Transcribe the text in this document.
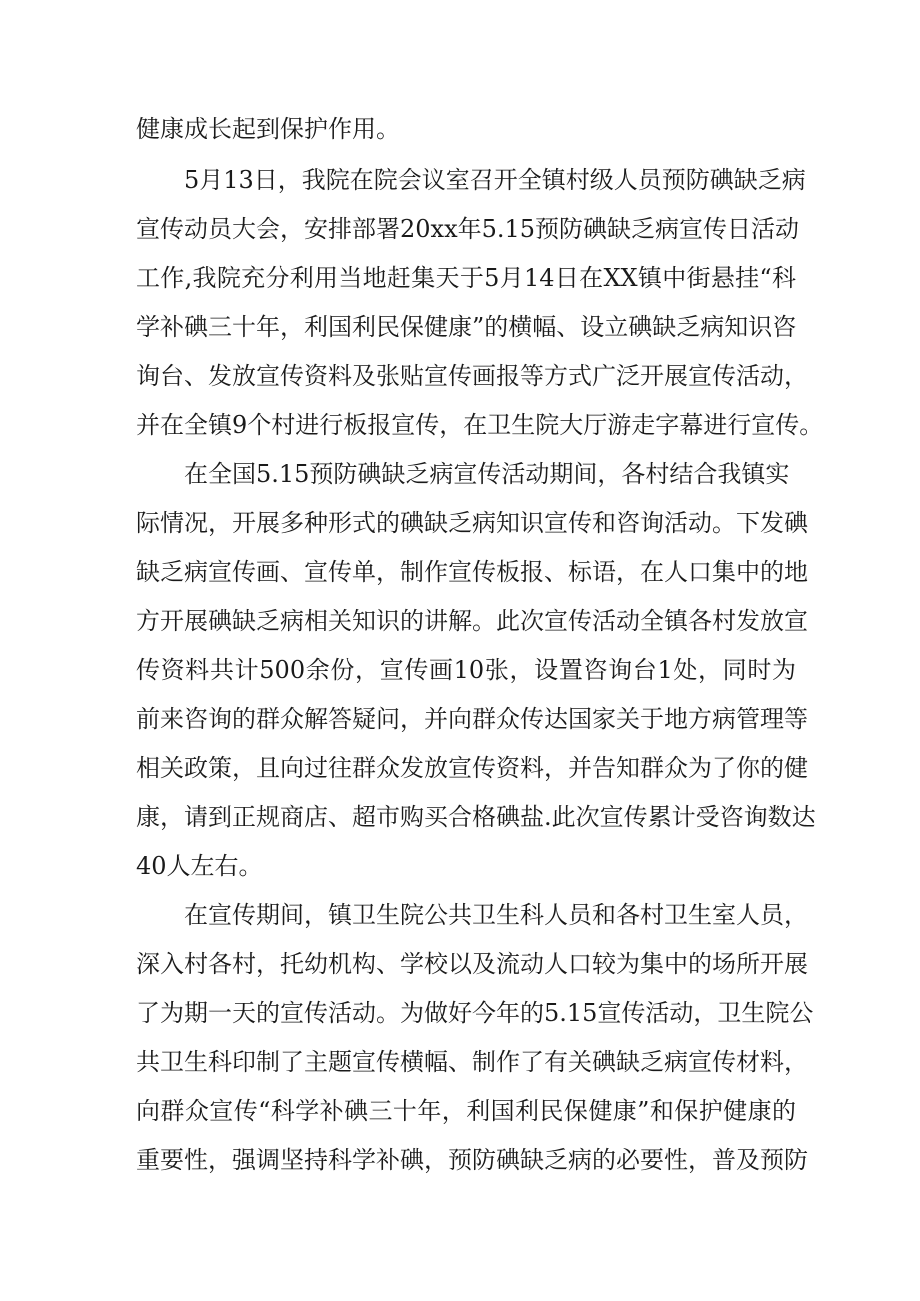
健康成长起到保护作用。
5月13日，我院在院会议室召开全镇村级人员预防碘缺乏病
宣传动员大会，安排部署20xx年5.15预防碘缺乏病宣传日活动
工作,我院充分利用当地赶集天于5月14日在XX镇中街悬挂“科
学补碘三十年，利国利民保健康”的横幅、设立碘缺乏病知识咨
询台、发放宣传资料及张贴宣传画报等方式广泛开展宣传活动，
并在全镇9个村进行板报宣传，在卫生院大厅游走字幕进行宣传。
在全国5.15预防碘缺乏病宣传活动期间，各村结合我镇实
际情况，开展多种形式的碘缺乏病知识宣传和咨询活动。下发碘
缺乏病宣传画、宣传单，制作宣传板报、标语，在人口集中的地
方开展碘缺乏病相关知识的讲解。此次宣传活动全镇各村发放宣
传资料共计500余份，宣传画10张，设置咨询台1处，同时为
前来咨询的群众解答疑问，并向群众传达国家关于地方病管理等
相关政策，且向过往群众发放宣传资料，并告知群众为了你的健
康，请到正规商店、超市购买合格碘盐.此次宣传累计受咨询数达
40人左右。
在宣传期间，镇卫生院公共卫生科人员和各村卫生室人员，
深入村各村，托幼机构、学校以及流动人口较为集中的场所开展
了为期一天的宣传活动。为做好今年的5.15宣传活动，卫生院公
共卫生科印制了主题宣传横幅、制作了有关碘缺乏病宣传材料，
向群众宣传“科学补碘三十年，利国利民保健康”和保护健康的
重要性，强调坚持科学补碘，预防碘缺乏病的必要性，普及预防
